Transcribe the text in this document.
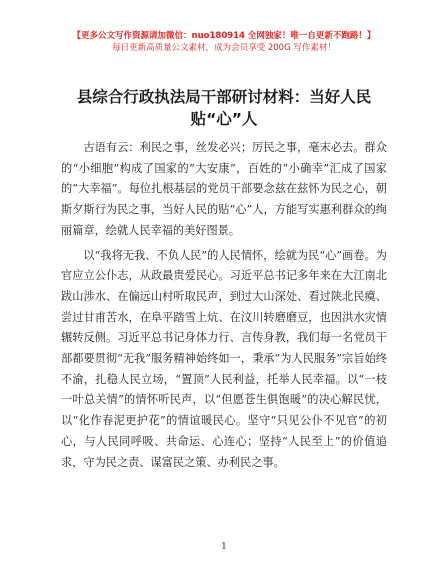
【更多公文写作资源请加微信：nuo180914 全网独家！唯一自更新不跑路！】
每日更新高质量公文素材，成为会员享受 200G 写作素材！
县综合行政执法局干部研讨材料：当好人民
贴“心”人

古语有云：利民之事，丝发必兴；厉民之事，毫末必去。群众的“小细胞”构成了国家的“大安康”，百姓的“小确幸”汇成了国家的“大幸福”。每位扎根基层的党员干部要念兹在兹怀为民之心，朝斯夕斯行为民之事，当好人民的贴“心”人，方能写实惠利群众的绚丽篇章，绘就人民幸福的美好图景。

以“我将无我、不负人民”的人民情怀，绘就为民“心”画卷。为官应立公仆志，从政最贵爱民心。习近平总书记多年来在大江南北跋山涉水、在偏远山村听取民声，到过大山深处、看过陕北民瘼、尝过甘甫苦水，在阜平踏雪上炕、在汶川转磨磨豆，也因洪水灾情辗转反侧。习近平总书记身体力行、言传身教，我们每一名党员干部都要贯彻“无我”服务精神始终如一，秉承“为人民服务”宗旨始终不渝，扎稳人民立场，“置顶”人民利益，托举人民幸福。以“一枝一叶总关情”的情怀听民声，以“但愿苍生俱饱暖”的决心解民忧，以“化作春泥更护花”的情谊暖民心。坚守“只见公仆不见官”的初心，与人民同呼吸、共命运、心连心；坚持“人民至上”的价值追求，守为民之责、谋富民之策、办利民之事。

1
